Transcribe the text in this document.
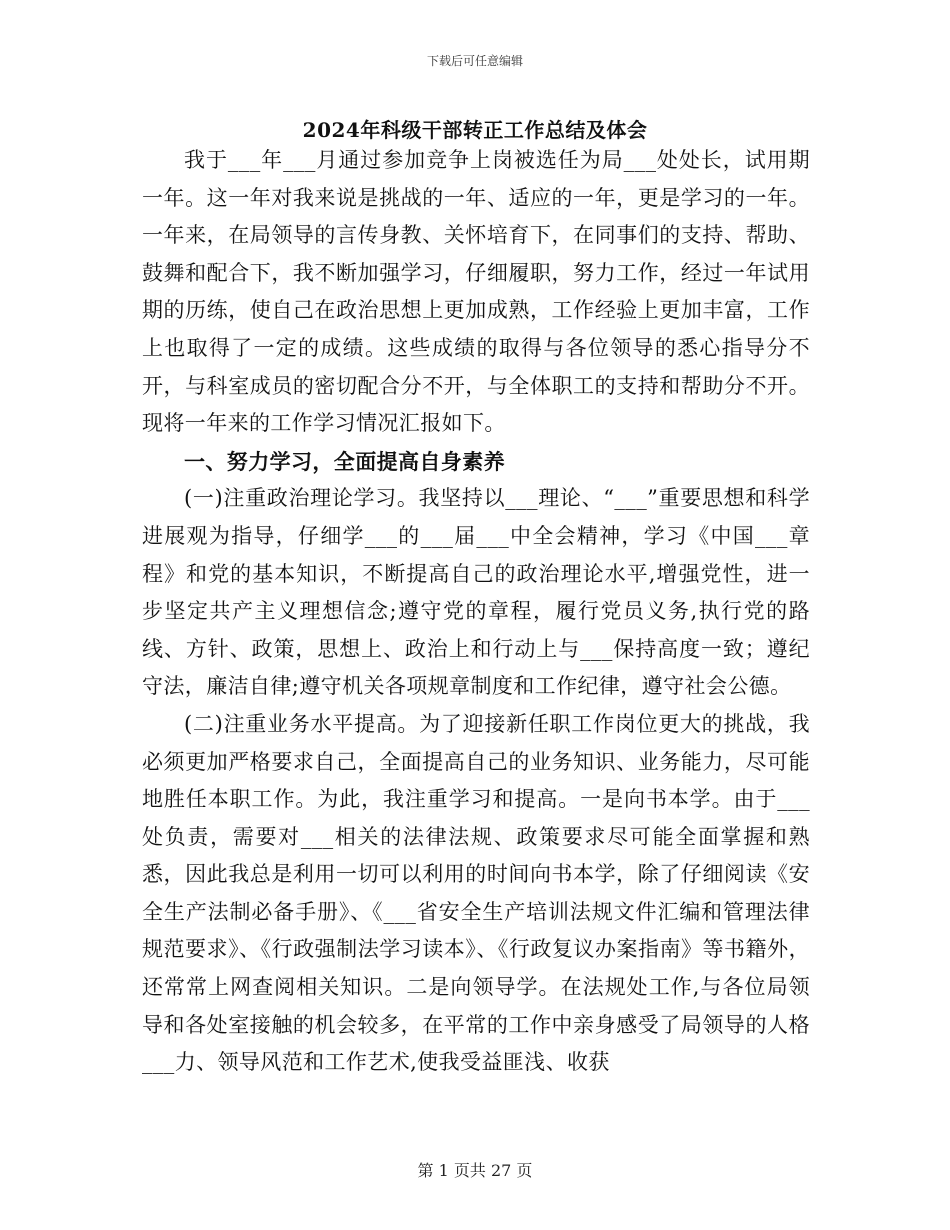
下载后可任意编辑
2024年科级干部转正工作总结及体会

我于___年___月通过参加竞争上岗被选任为局___处处长，试用期一年。这一年对我来说是挑战的一年、适应的一年，更是学习的一年。一年来，在局领导的言传身教、关怀培育下，在同事们的支持、帮助、鼓舞和配合下，我不断加强学习，仔细履职，努力工作，经过一年试用期的历练，使自己在政治思想上更加成熟，工作经验上更加丰富，工作上也取得了一定的成绩。这些成绩的取得与各位领导的悉心指导分不开，与科室成员的密切配合分不开，与全体职工的支持和帮助分不开。现将一年来的工作学习情况汇报如下。

一、努力学习，全面提高自身素养

(一)注重政治理论学习。我坚持以___理论、“___”重要思想和科学进展观为指导，仔细学___的___届___中全会精神，学习《中国___章程》和党的基本知识，不断提高自己的政治理论水平,增强党性，进一步坚定共产主义理想信念;遵守党的章程，履行党员义务,执行党的路线、方针、政策，思想上、政治上和行动上与___保持高度一致；遵纪守法，廉洁自律;遵守机关各项规章制度和工作纪律，遵守社会公德。

(二)注重业务水平提高。为了迎接新任职工作岗位更大的挑战，我必须更加严格要求自己，全面提高自己的业务知识、业务能力，尽可能地胜任本职工作。为此，我注重学习和提高。一是向书本学。由于___处负责，需要对___相关的法律法规、政策要求尽可能全面掌握和熟悉，因此我总是利用一切可以利用的时间向书本学，除了仔细阅读《安全生产法制必备手册》、《___省安全生产培训法规文件汇编和管理法律规范要求》、《行政强制法学习读本》、《行政复议办案指南》等书籍外，还常常上网查阅相关知识。二是向领导学。在法规处工作,与各位局领导和各处室接触的机会较多，在平常的工作中亲身感受了局领导的人格___力、领导风范和工作艺术,使我受益匪浅、收获

第 1 页共 27 页
